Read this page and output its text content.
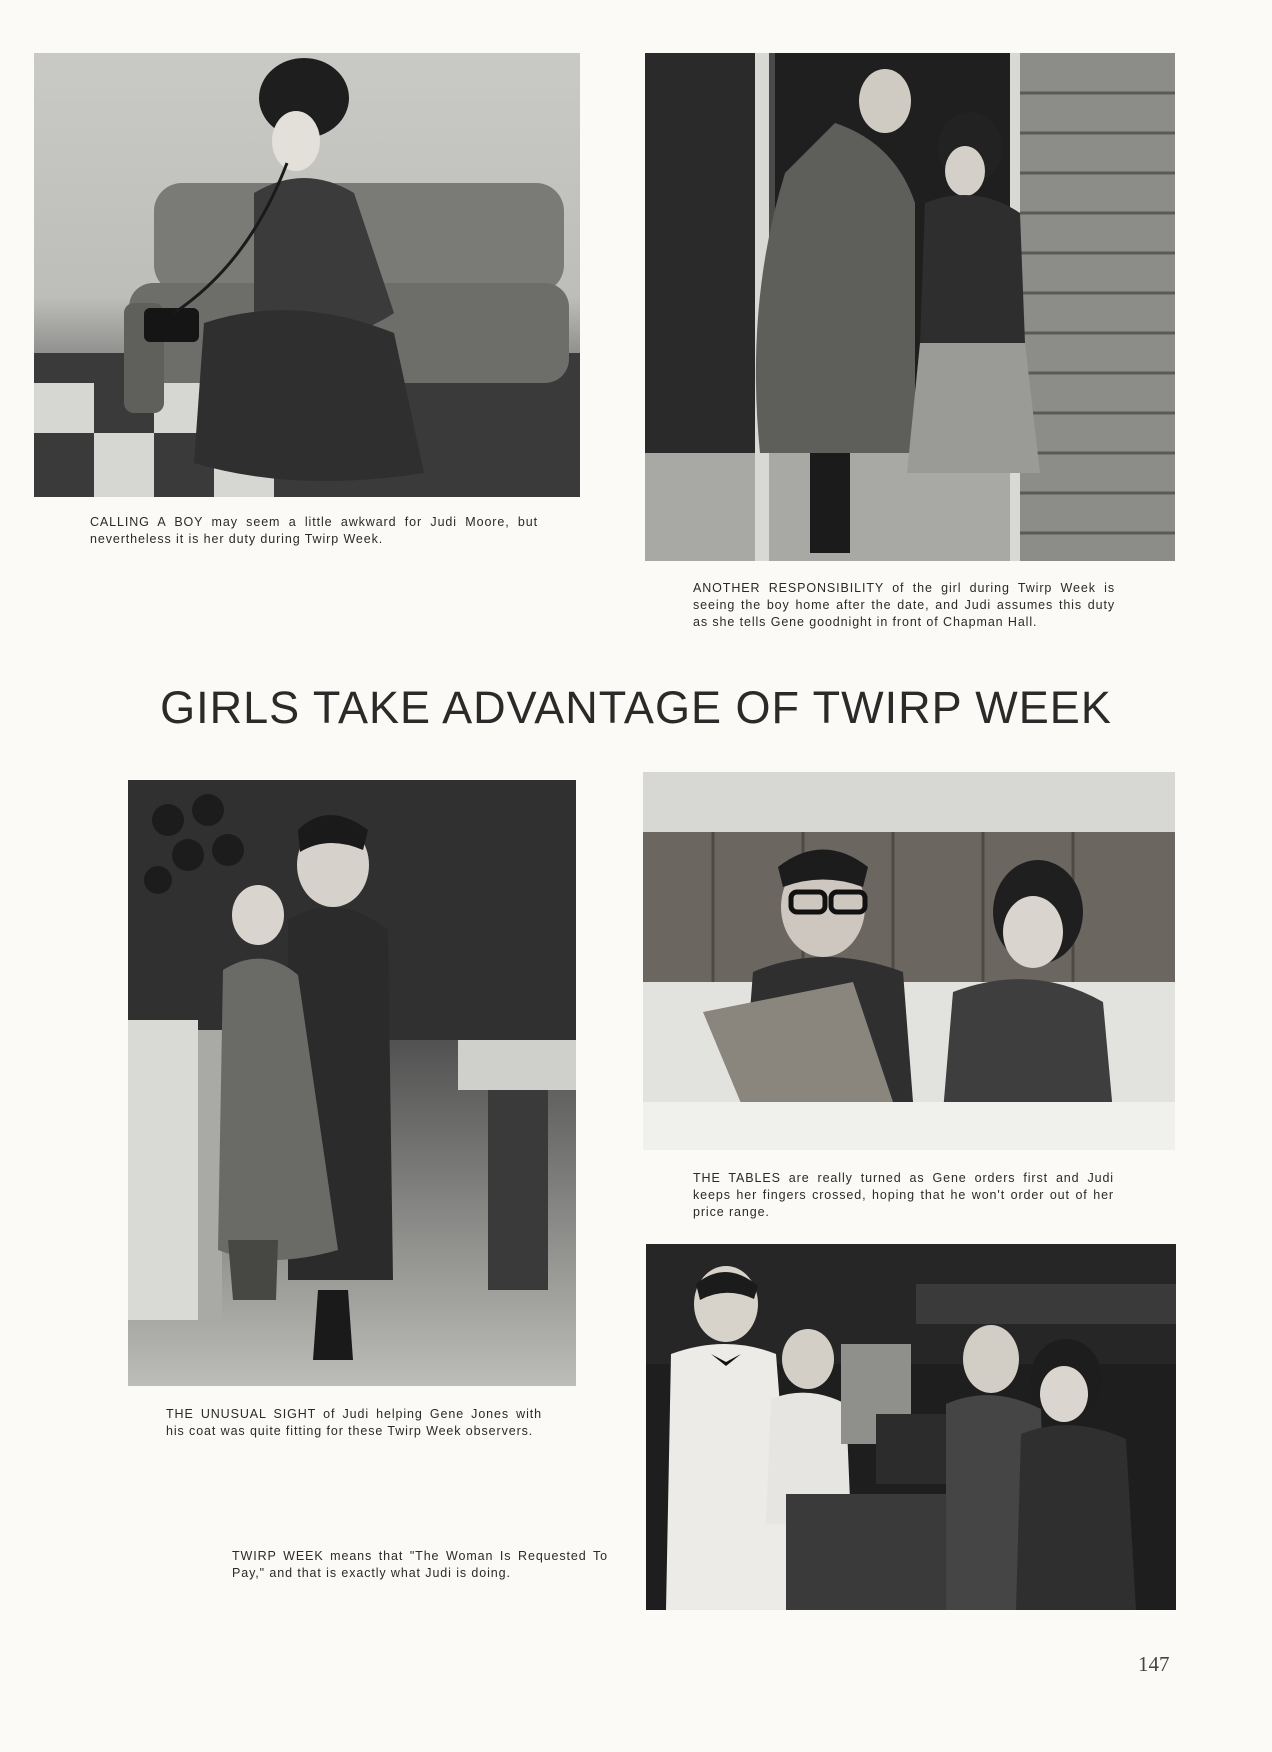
CALLING A BOY may seem a little awkward for Judi Moore, but nevertheless it is her duty during Twirp Week.

ANOTHER RESPONSIBILITY of the girl during Twirp Week is seeing the boy home after the date, and Judi assumes this duty as she tells Gene goodnight in front of Chapman Hall.

GIRLS TAKE ADVANTAGE OF TWIRP WEEK

THE UNUSUAL SIGHT of Judi helping Gene Jones with his coat was quite fitting for these Twirp Week observers.

THE TABLES are really turned as Gene orders first and Judi keeps her fingers crossed, hoping that he won't order out of her price range.

TWIRP WEEK means that "The Woman Is Requested To Pay," and that is exactly what Judi is doing.

147
